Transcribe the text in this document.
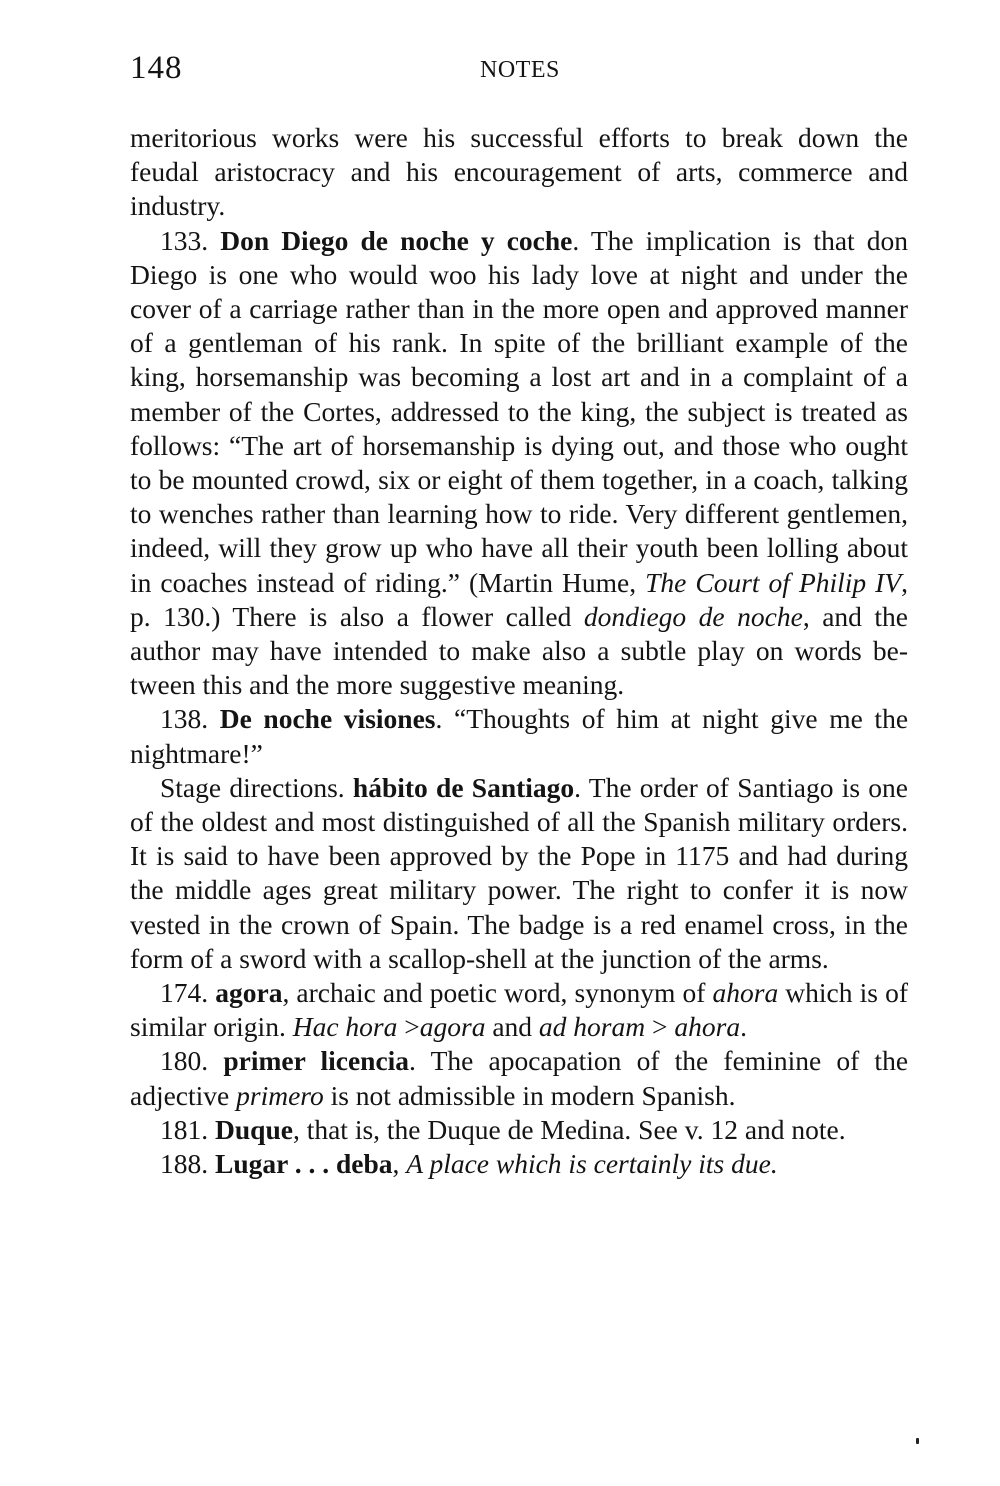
148	NOTES

meritorious works were his successful efforts to break down the feudal aristocracy and his encouragement of arts, commerce and industry.

133. Don Diego de noche y coche. The implication is that don Diego is one who would woo his lady love at night and under the cover of a carriage rather than in the more open and approved manner of a gentleman of his rank. In spite of the brilliant example of the king, horsemanship was becoming a lost art and in a complaint of a member of the Cortes, addressed to the king, the subject is treated as follows: “The art of horsemanship is dying out, and those who ought to be mounted crowd, six or eight of them together, in a coach, talking to wenches rather than learning how to ride. Very different gentlemen, indeed, will they grow up who have all their youth been lolling about in coaches instead of riding.” (Martin Hume, The Court of Philip IV, p. 130.) There is also a flower called dondiego de noche, and the author may have intended to make also a subtle play on words between this and the more suggestive meaning.

138. De noche visiones. “Thoughts of him at night give me the nightmare!”

Stage directions. hábito de Santiago. The order of Santiago is one of the oldest and most distinguished of all the Spanish military orders. It is said to have been approved by the Pope in 1175 and had during the middle ages great military power. The right to confer it is now vested in the crown of Spain. The badge is a red enamel cross, in the form of a sword with a scallop-shell at the junction of the arms.

174. agora, archaic and poetic word, synonym of ahora which is of similar origin. Hac hora >agora and ad horam > ahora.

180. primer licencia. The apocapation of the feminine of the adjective primero is not admissible in modern Spanish.

181. Duque, that is, the Duque de Medina. See v. 12 and note.

188. Lugar . . . deba, A place which is certainly its due.
